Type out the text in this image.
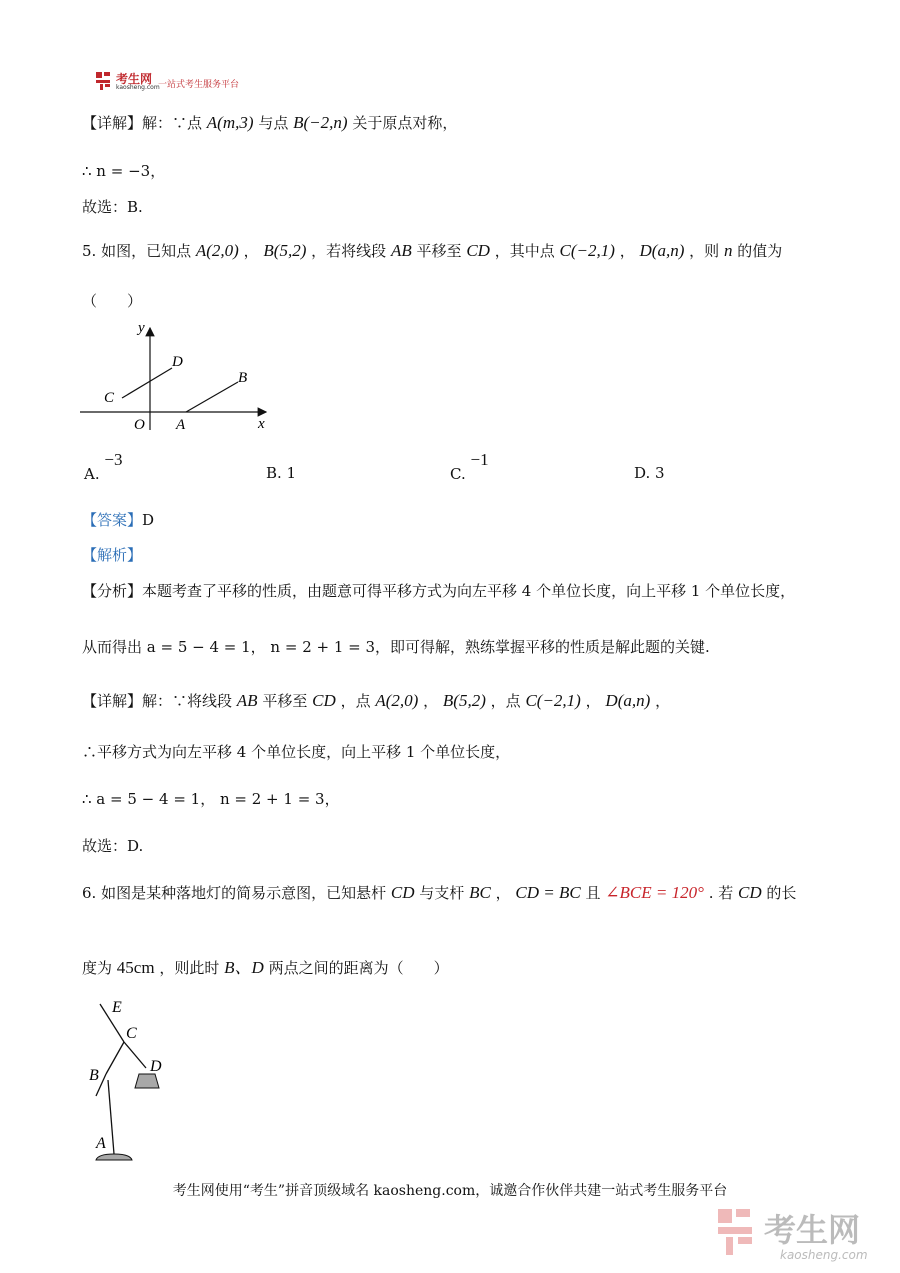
考生网
kaosheng.com
一站式考生服务平台
【详解】解：∵点 A(m,3) 与点 B(−2,n) 关于原点对称，
∴ n = −3，
故选：B.
5. 如图，已知点 A(2,0) ， B(5,2) ，若将线段 AB 平移至 CD ，其中点 C(−2,1) ， D(a,n) ，则 n 的值为
（　　）
y
x
O A
B
C
D
A. −3
B. 1	C. −1
D. 3
【答案】D
【解析】
【分析】本题考查了平移的性质，由题意可得平移方式为向左平移 4 个单位长度，向上平移 1 个单位长度，
从而得出 a = 5 − 4 = 1， n = 2 + 1 = 3，即可得解，熟练掌握平移的性质是解此题的关键.
【详解】解：∵将线段 AB 平移至 CD ，点 A(2,0) ， B(5,2) ，点 C(−2,1) ， D(a,n) ，
∴平移方式为向左平移 4 个单位长度，向上平移 1 个单位长度，
∴ a = 5 − 4 = 1， n = 2 + 1 = 3，
故选：D.
6. 如图是某种落地灯的简易示意图，已知悬杆 CD 与支杆 BC ， CD = BC 且 ∠BCE = 120° . 若 CD 的长
度为 45cm ，则此时 B、D 两点之间的距离为（　　）
E
C
D
B
A
考生网使用“考生”拼音顶级域名 kaosheng.com，诚邀合作伙伴共建一站式考生服务平台
考生网
kaosheng.com
